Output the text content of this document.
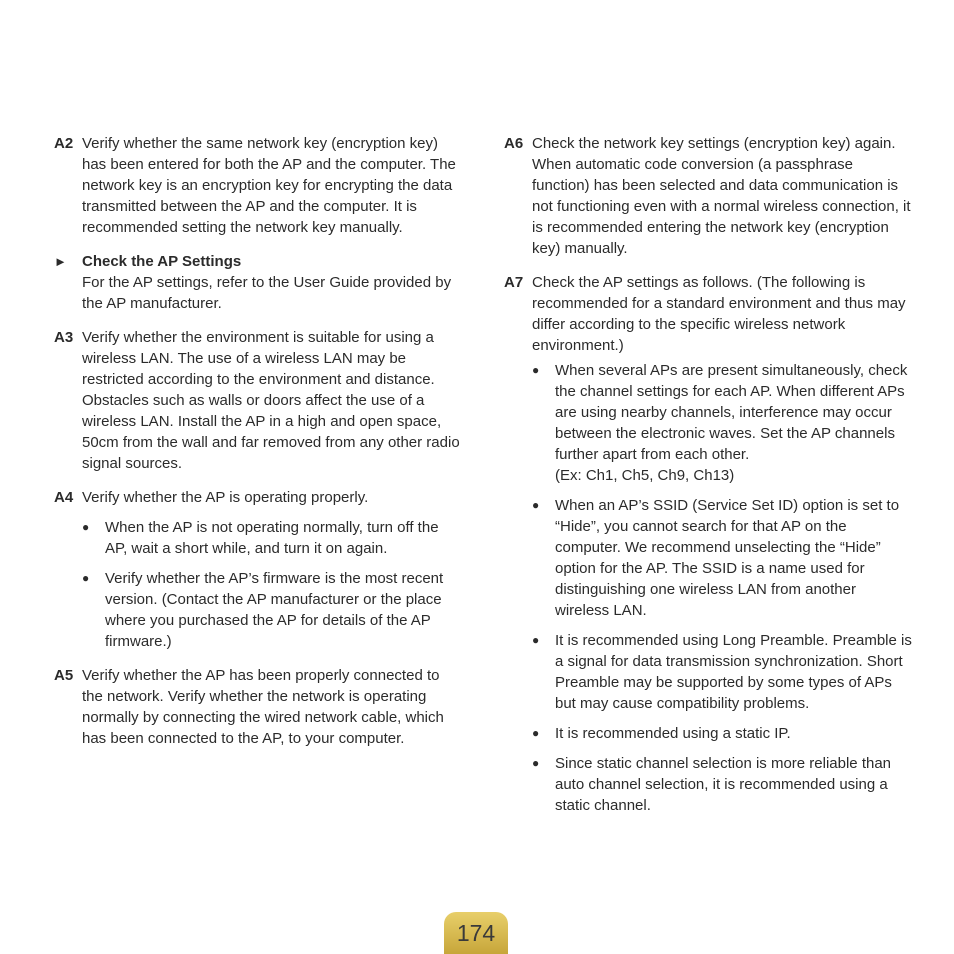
A2 Verify whether the same network key (encryption key) has been entered for both the AP and the computer. The network key is an encryption key for encrypting the data transmitted between the AP and the computer. It is recommended setting the network key manually.

► Check the AP Settings

For the AP settings, refer to the User Guide provided by the AP manufacturer.

A3 Verify whether the environment is suitable for using a wireless LAN. The use of a wireless LAN may be restricted according to the environment and distance. Obstacles such as walls or doors affect the use of a wireless LAN. Install the AP in a high and open space, 50cm from the wall and far removed from any other radio signal sources.

A4 Verify whether the AP is operating properly.

● When the AP is not operating normally, turn off the AP, wait a short while, and turn it on again.
● Verify whether the AP’s firmware is the most recent version. (Contact the AP manufacturer or the place where you purchased the AP for details of the AP firmware.)
A5 Verify whether the AP has been properly connected to the network. Verify whether the network is operating normally by connecting the wired network cable, which has been connected to the AP, to your computer.

A6 Check the network key settings (encryption key) again. When automatic code conversion (a passphrase function) has been selected and data communication is not functioning even with a normal wireless connection, it is recommended entering the network key (encryption key) manually.

A7 Check the AP settings as follows. (The following is recommended for a standard environment and thus may differ according to the specific wireless network environment.)

● When several APs are present simultaneously, check the channel settings for each AP. When different APs are using nearby channels, interference may occur between the electronic waves. Set the AP channels further apart from each other.
(Ex: Ch1, Ch5, Ch9, Ch13)
● When an AP’s SSID (Service Set ID) option is set to “Hide”, you cannot search for that AP on the computer. We recommend unselecting the “Hide” option for the AP. The SSID is a name used for distinguishing one wireless LAN from another wireless LAN.
● It is recommended using Long Preamble. Preamble is a signal for data transmission synchronization. Short Preamble may be supported by some types of APs but may cause compatibility problems.
● It is recommended using a static IP.
● Since static channel selection is more reliable than auto channel selection, it is recommended using a static channel.
174
